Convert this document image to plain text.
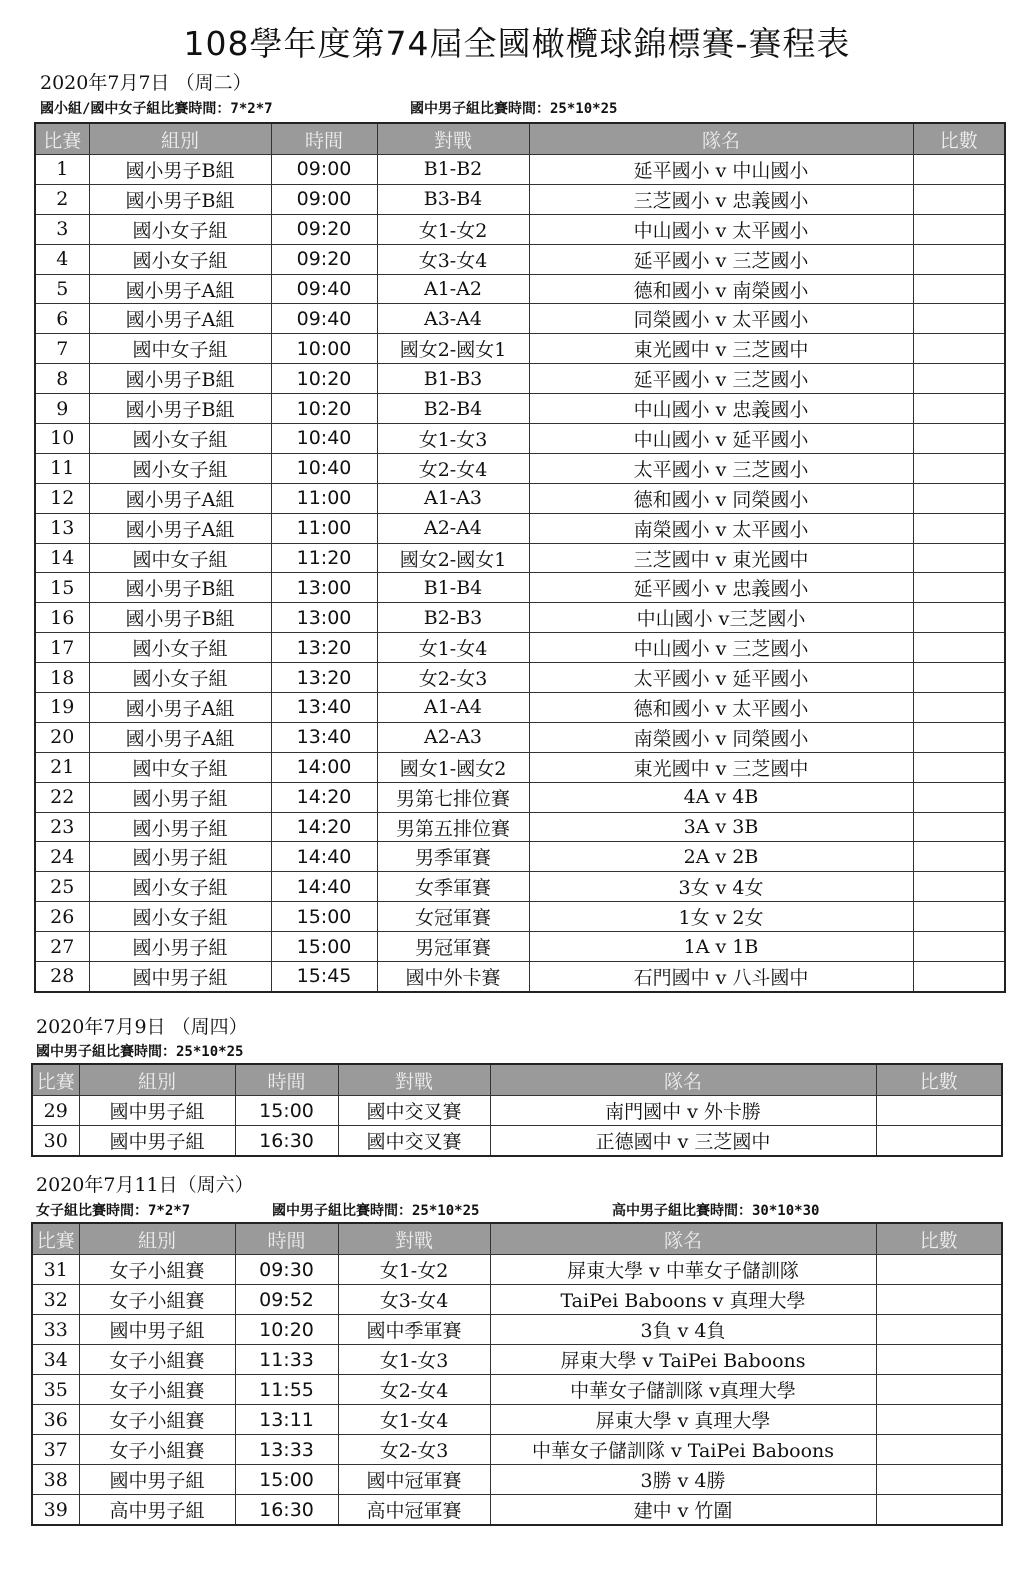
108學年度第74屆全國橄欖球錦標賽-賽程表
2020年7月7日 （周二）
國小組/國中女子組比賽時間：7*2*7	國中男子組比賽時間：25*10*25
比賽	組別	時間	對戰	隊名	比數
1	國小男子B組	09:00	B1-B2	延平國小 v 中山國小	
2	國小男子B組	09:00	B3-B4	三芝國小 v 忠義國小	
3	國小女子組	09:20	女1-女2	中山國小 v 太平國小	
4	國小女子組	09:20	女3-女4	延平國小 v 三芝國小	
5	國小男子A組	09:40	A1-A2	德和國小 v 南榮國小	
6	國小男子A組	09:40	A3-A4	同榮國小 v 太平國小	
7	國中女子組	10:00	國女2-國女1	東光國中 v 三芝國中	
8	國小男子B組	10:20	B1-B3	延平國小 v 三芝國小	
9	國小男子B組	10:20	B2-B4	中山國小 v 忠義國小	
10	國小女子組	10:40	女1-女3	中山國小 v 延平國小	
11	國小女子組	10:40	女2-女4	太平國小 v 三芝國小	
12	國小男子A組	11:00	A1-A3	德和國小 v 同榮國小	
13	國小男子A組	11:00	A2-A4	南榮國小 v 太平國小	
14	國中女子組	11:20	國女2-國女1	三芝國中 v 東光國中	
15	國小男子B組	13:00	B1-B4	延平國小 v 忠義國小	
16	國小男子B組	13:00	B2-B3	中山國小 v三芝國小	
17	國小女子組	13:20	女1-女4	中山國小 v 三芝國小	
18	國小女子組	13:20	女2-女3	太平國小 v 延平國小	
19	國小男子A組	13:40	A1-A4	德和國小 v 太平國小	
20	國小男子A組	13:40	A2-A3	南榮國小 v 同榮國小	
21	國中女子組	14:00	國女1-國女2	東光國中 v 三芝國中	
22	國小男子組	14:20	男第七排位賽	4A v 4B	
23	國小男子組	14:20	男第五排位賽	3A v 3B	
24	國小男子組	14:40	男季軍賽	2A v 2B	
25	國小女子組	14:40	女季軍賽	3女 v 4女	
26	國小女子組	15:00	女冠軍賽	1女 v 2女	
27	國小男子組	15:00	男冠軍賽	1A v 1B	
28	國中男子組	15:45	國中外卡賽	石門國中 v 八斗國中	
2020年7月9日 （周四）
國中男子組比賽時間：25*10*25
比賽	組別	時間	對戰	隊名	比數
29	國中男子組	15:00	國中交叉賽	南門國中 v 外卡勝	
30	國中男子組	16:30	國中交叉賽	正德國中 v 三芝國中	
2020年7月11日（周六）
女子組比賽時間：7*2*7	國中男子組比賽時間：25*10*25	高中男子組比賽時間：30*10*30
比賽	組別	時間	對戰	隊名	比數
31	女子小組賽	09:30	女1-女2	屏東大學 v 中華女子儲訓隊	
32	女子小組賽	09:52	女3-女4	TaiPei Baboons v 真理大學	
33	國中男子組	10:20	國中季軍賽	3負 v 4負	
34	女子小組賽	11:33	女1-女3	屏東大學 v TaiPei Baboons	
35	女子小組賽	11:55	女2-女4	中華女子儲訓隊 v真理大學	
36	女子小組賽	13:11	女1-女4	屏東大學 v 真理大學	
37	女子小組賽	13:33	女2-女3	中華女子儲訓隊 v TaiPei Baboons	
38	國中男子組	15:00	國中冠軍賽	3勝 v 4勝	
39	高中男子組	16:30	高中冠軍賽	建中 v 竹圍	
